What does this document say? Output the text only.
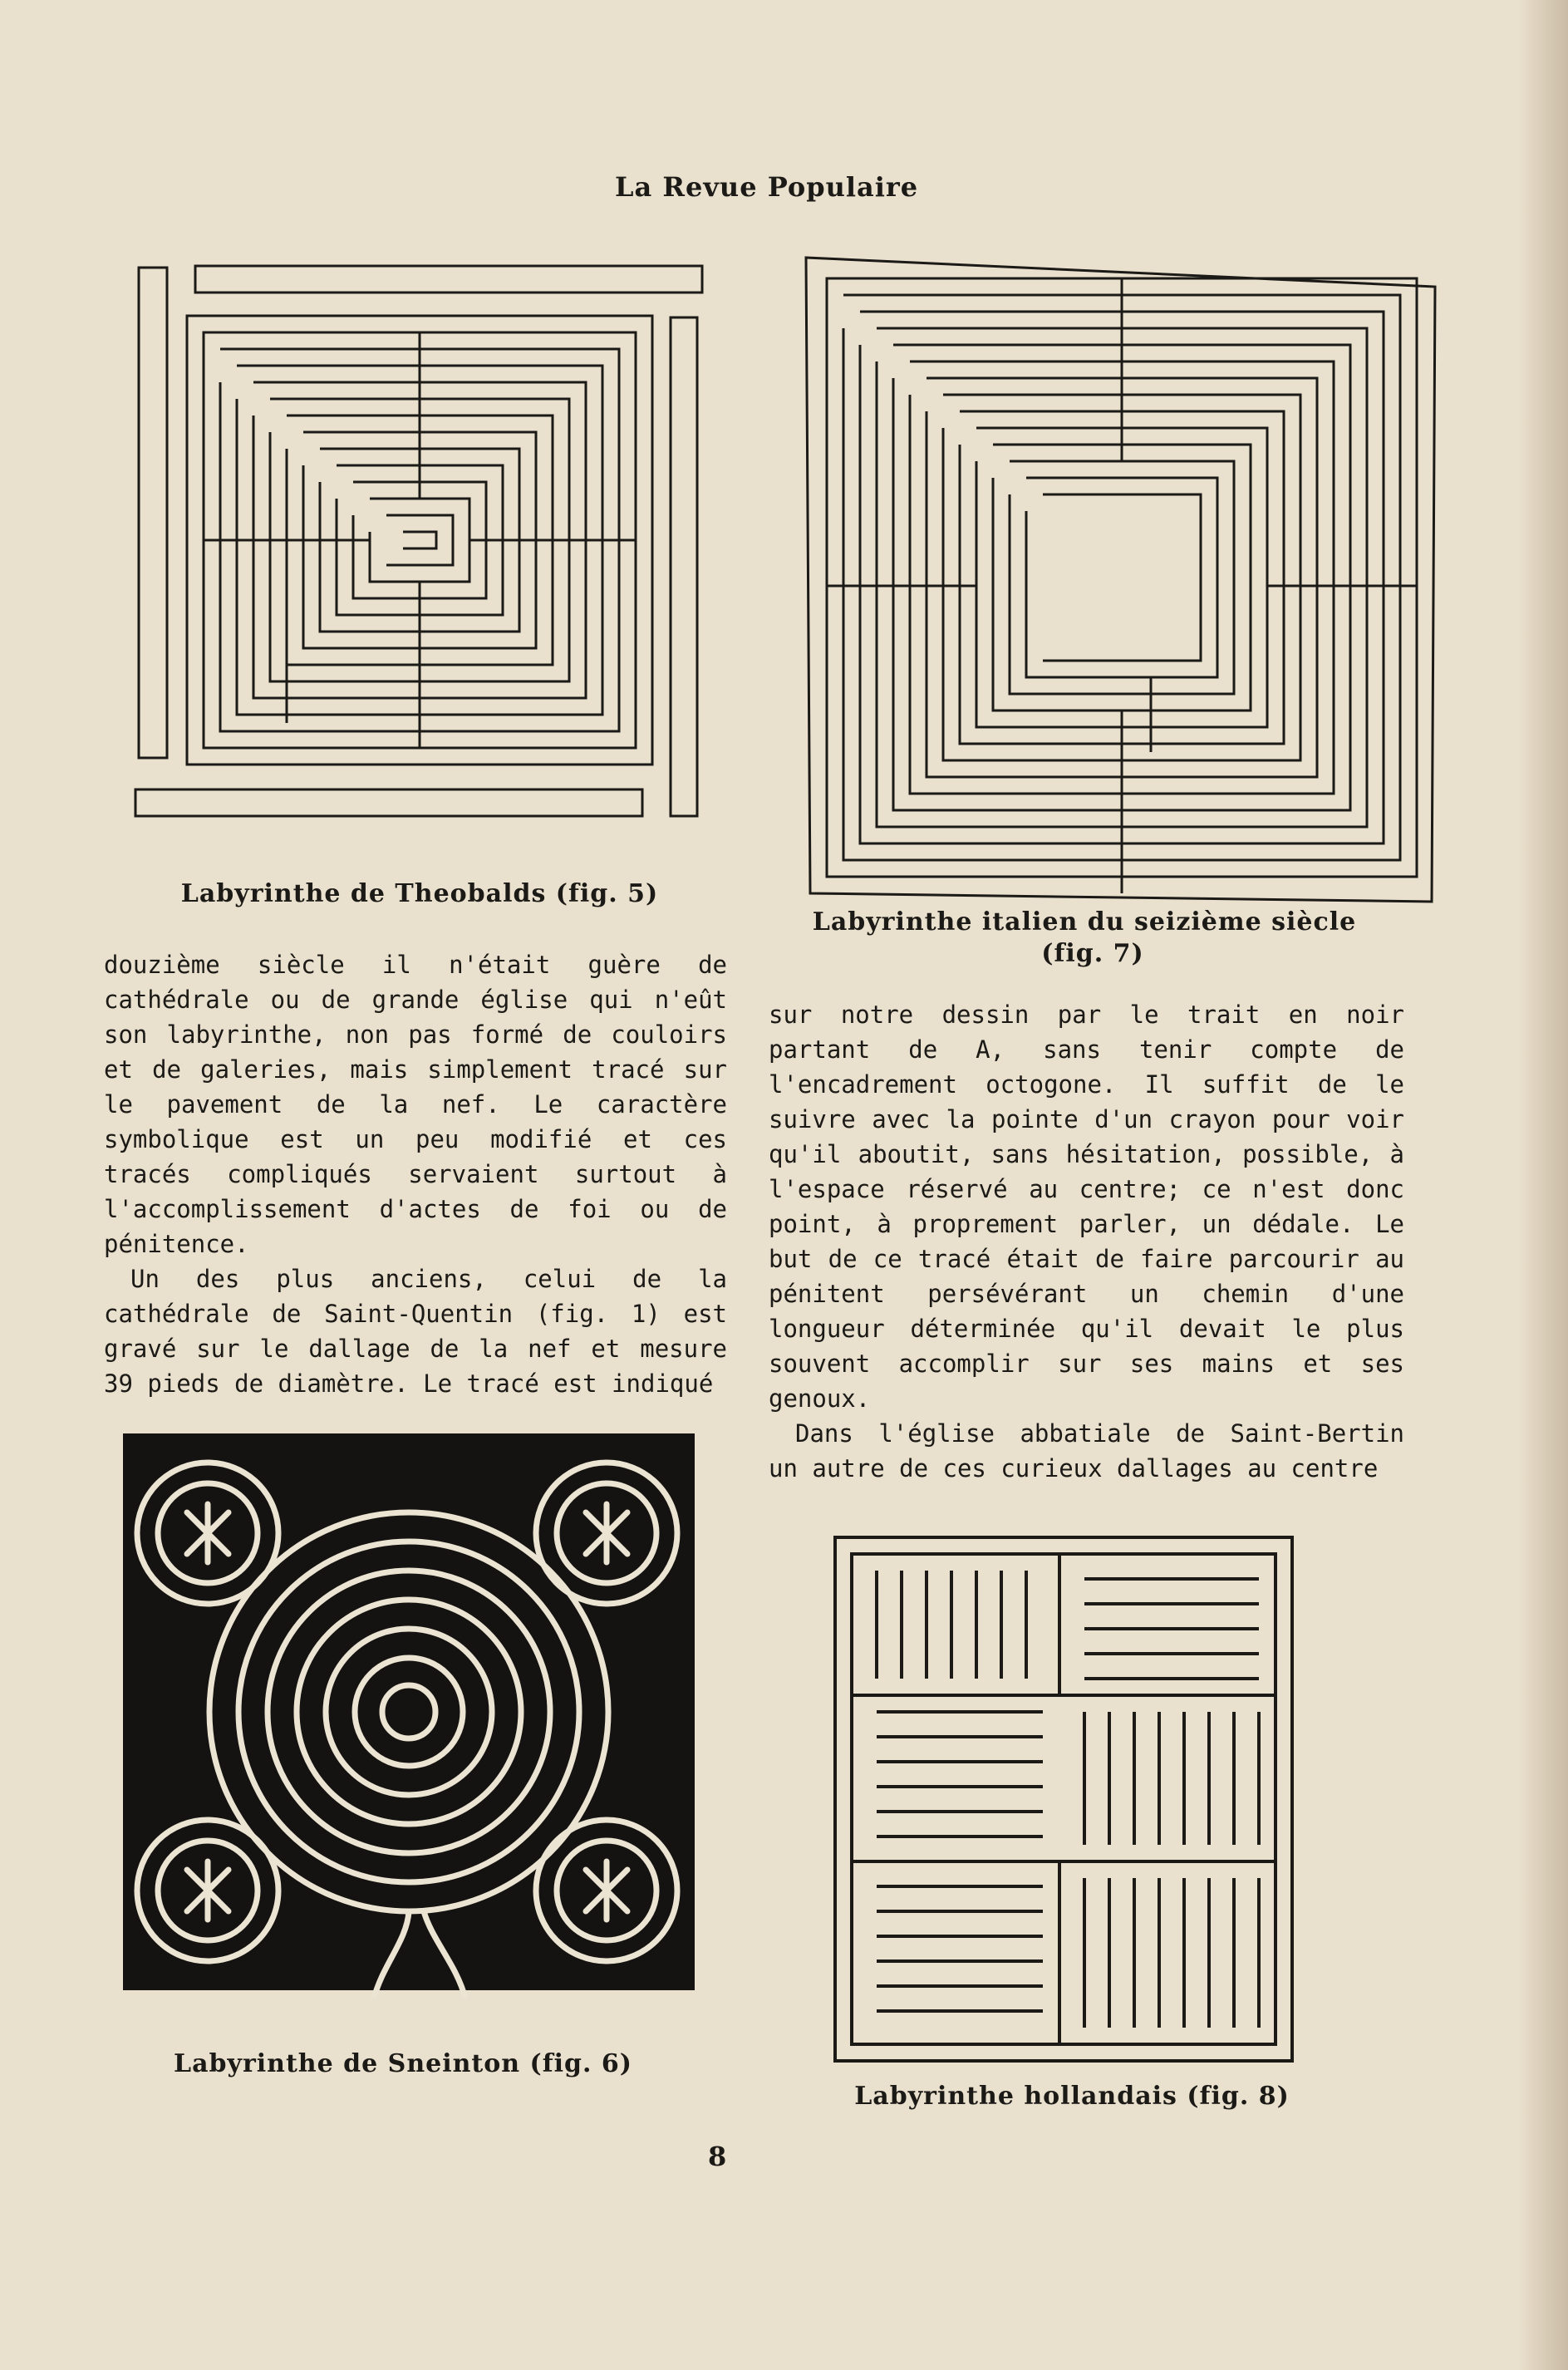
La Revue Populaire
Labyrinthe de Theobalds (fig. 5)
Labyrinthe italien du seizième siècle
(fig. 7)

douzième siècle il n'était guère de cathédrale ou de grande église qui n'eût son labyrinthe, non pas formé de couloirs et de galeries, mais simplement tracé sur le pavement de la nef. Le caractère symbolique est un peu modifié et ces tracés compliqués servaient surtout à l'accomplissement d'actes de foi ou de pénitence.

Un des plus anciens, celui de la cathédrale de Saint-Quentin (fig. 1) est gravé sur le dallage de la nef et mesure 39 pieds de diamètre. Le tracé est indiqué

sur notre dessin par le trait en noir partant de A, sans tenir compte de l'encadrement octogone. Il suffit de le suivre avec la pointe d'un crayon pour voir qu'il aboutit, sans hésitation, possible, à l'espace réservé au centre; ce n'est donc point, à proprement parler, un dédale. Le but de ce tracé était de faire parcourir au pénitent persévérant un chemin d'une longueur déterminée qu'il devait le plus souvent accomplir sur ses mains et ses genoux.

Dans l'église abbatiale de Saint-Bertin un autre de ces curieux dallages au centre

Labyrinthe de Sneinton (fig. 6)
Labyrinthe hollandais (fig. 8)
8
